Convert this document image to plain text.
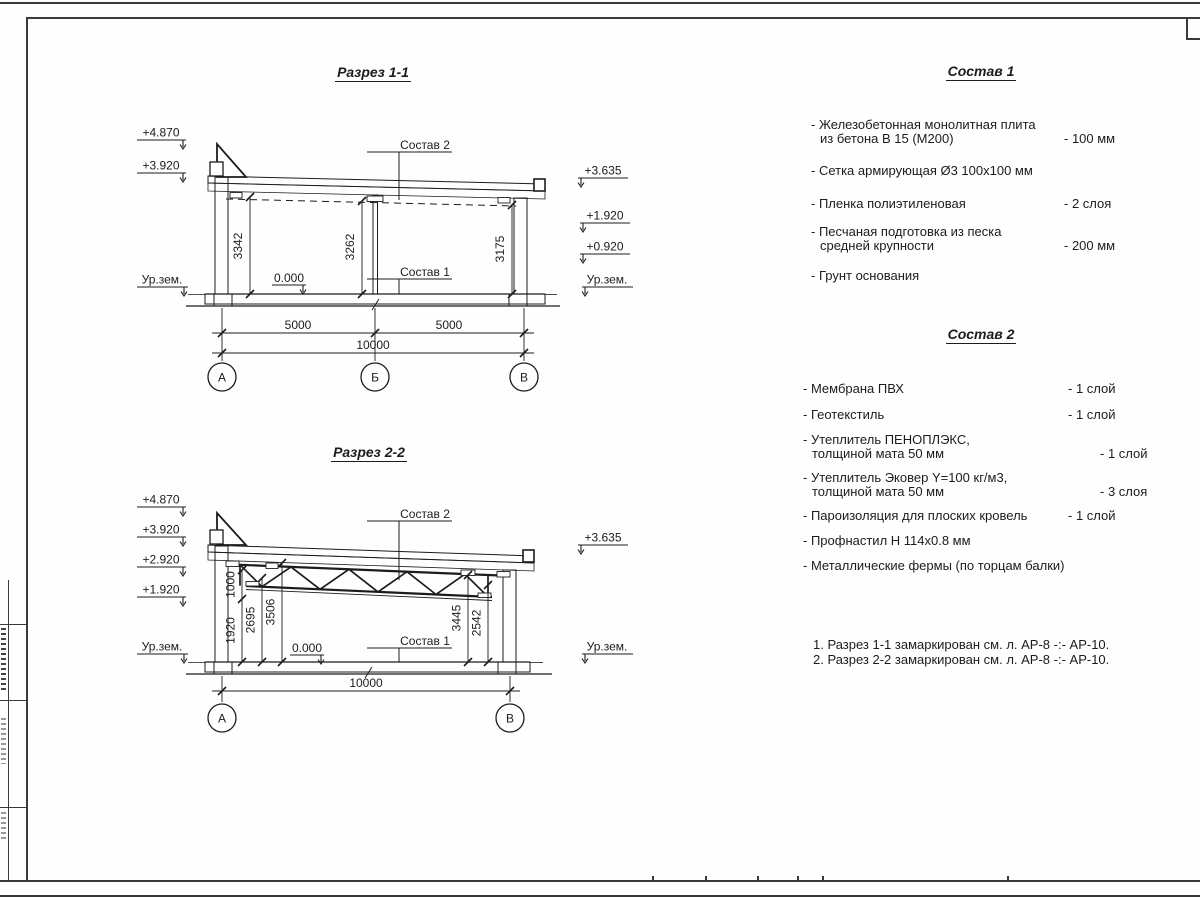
Разрез 1-1
Разрез 2-2
3342	3262	3175
Состав 2
Состав 1
0.000
+4.870
+3.920
Ур.зем.
+3.635
+1.920
+0.920
Ур.зем.
5000	5000
10000
А	Б	В
1000
1920 2695 3506	3445 2542
Состав 2
Состав 1
0.000
+4.870
+3.920
+2.920
+1.920
Ур.зем.
+3.635
Ур.зем.
10000
А	В
Состав 1
- Железобетонная монолитная плита
из бетона В 15 (М200)	- 100 мм
- Сетка армирующая Ø3 100х100 мм
- Пленка полиэтиленовая	- 2 слоя
- Песчаная подготовка из песка
средней крупности	- 200 мм
- Грунт основания
Состав 2
- Мембрана ПВХ	- 1 слой
- Геотекстиль	- 1 слой
- Утеплитель ПЕНОПЛЭКС,
толщиной мата 50 мм	- 1 слой
- Утеплитель Эковер Y=100 кг/м3,
толщиной мата 50 мм	- 3 слоя
- Пароизоляция для плоских кровель	- 1 слой
- Профнастил Н 114х0.8 мм
- Металлические фермы (по торцам балки)
1. Разрез 1-1 замаркирован см. л. АР-8 -:- АР-10.
2. Разрез 2-2 замаркирован см. л. АР-8 -:- АР-10.
